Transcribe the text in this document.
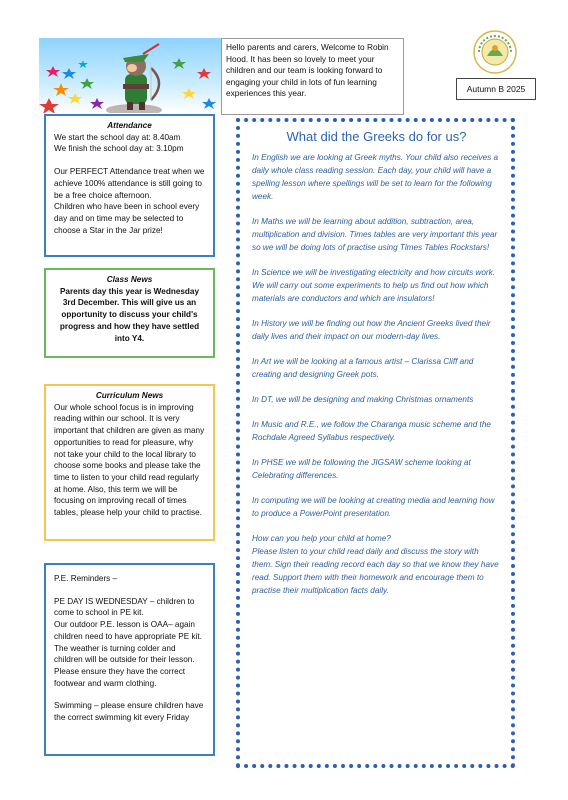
Hello parents and carers, Welcome to Robin Hood. It has been so lovely to meet your children and our team is looking forward to engaging your child in lots of fun learning experiences this year.	Autumn B 2025
Attendance
We start the school day at: 8.40am
We finish the school day at: 3.10pm
Our PERFECT Attendance treat when we achieve 100% attendance is still going to be a free choice afternoon.
Children who have been in school every day and on time may be selected to choose a Star in the Jar prize!
Class News
Parents day this year is Wednesday 3rd December. This will give us an opportunity to discuss your child's progress and how they have settled into Y4.
Curriculum News
Our whole school focus is in improving reading within our school. It is very important that children are given as many opportunities to read for pleasure, why not take your child to the local library to choose some books and please take the time to listen to your child read regularly at home. Also, this term we will be focusing on improving recall of times tables, please help your child to practise.
P.E. Reminders –
PE DAY IS WEDNESDAY – children to come to school in PE kit.
Our outdoor P.E. lesson is OAA– again children need to have appropriate PE kit. The weather is turning colder and children will be outside for their lesson. Please ensure they have the correct footwear and warm clothing.
Swimming – please ensure children have the correct swimming kit every Friday
What did the Greeks do for us?

In English we are looking at Greek myths. Your child also receives a daily whole class reading session. Each day, your child will have a spelling lesson where spellings will be set to learn for the following week.

In Maths we will be learning about addition, subtraction, area, multiplication and division. Times tables are very important this year so we will be doing lots of practise using Times Tables Rockstars!

In Science we will be investigating electricity and how circuits work. We will carry out some experiments to help us find out how which materials are conductors and which are insulators!

In History we will be finding out how the Ancient Greeks lived their daily lives and their impact on our modern-day lives.

In Art we will be looking at a famous artist – Clarissa Cliff and creating and designing Greek pots.

In DT, we will be designing and making Christmas ornaments

In Music and R.E., we follow the Charanga music scheme and the Rochdale Agreed Syllabus respectively.

In PHSE we will be following the JIGSAW scheme looking at Celebrating differences.

In computing we will be looking at creating media and learning how to produce a PowerPoint presentation.

How can you help your child at home?
Please listen to your child read daily and discuss the story with them. Sign their reading record each day so that we know they have read. Support them with their homework and encourage them to practise their multiplication facts daily.
